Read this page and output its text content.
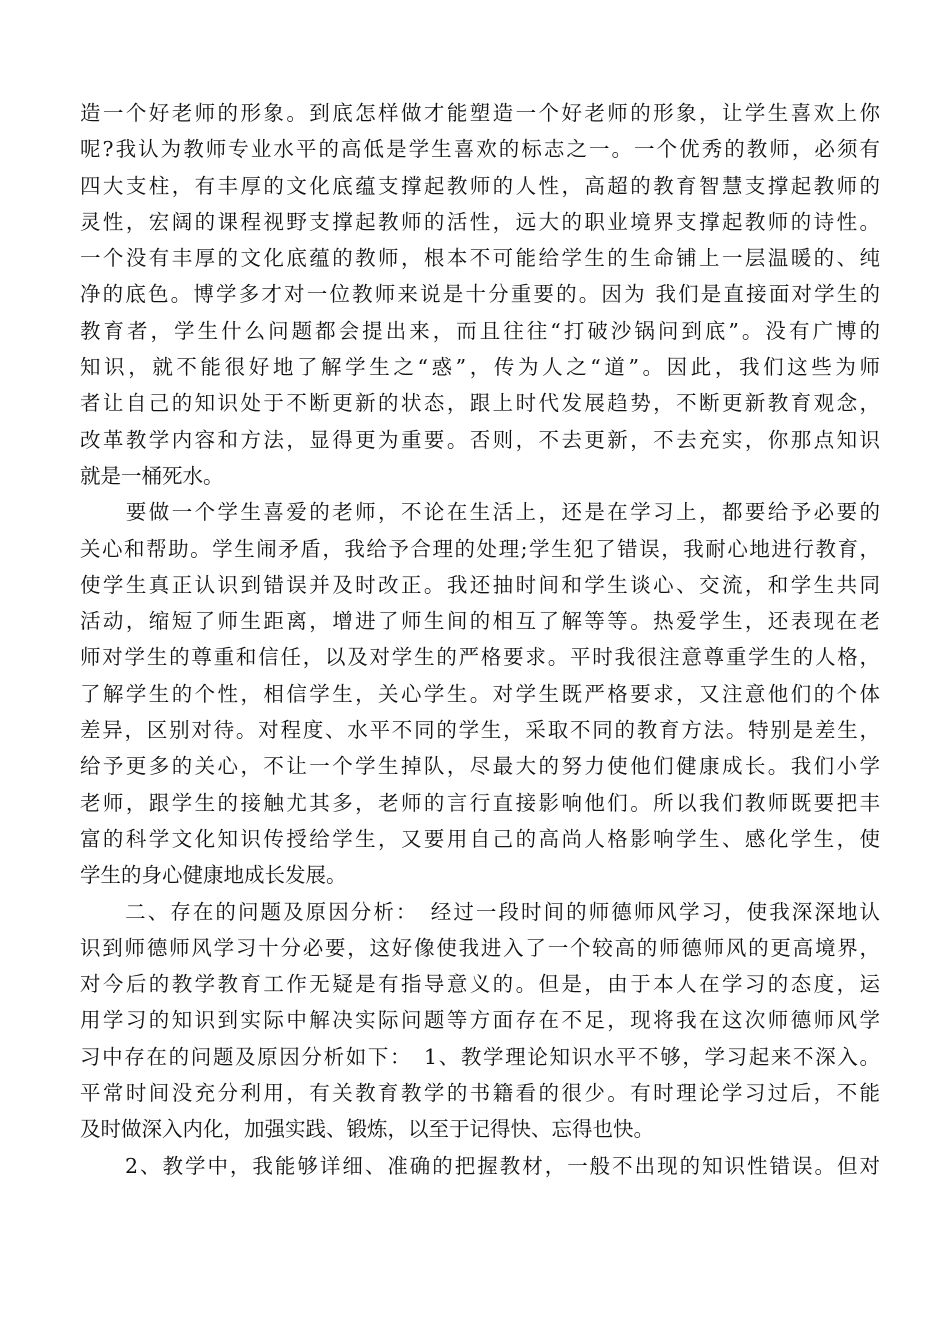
造一个好老师的形象。到底怎样做才能塑造一个好老师的形象，让学生喜欢上你
呢?我认为教师专业水平的高低是学生喜欢的标志之一。一个优秀的教师，必须有
四大支柱，有丰厚的文化底蕴支撑起教师的人性，高超的教育智慧支撑起教师的
灵性，宏阔的课程视野支撑起教师的活性，远大的职业境界支撑起教师的诗性。
一个没有丰厚的文化底蕴的教师，根本不可能给学生的生命铺上一层温暖的、纯
净的底色。博学多才对一位教师来说是十分重要的。因为 我们是直接面对学生的
教育者，学生什么问题都会提出来，而且往往“打破沙锅问到底”。没有广博的
知识，就不能很好地了解学生之“惑”，传为人之“道”。因此，我们这些为师
者让自己的知识处于不断更新的状态，跟上时代发展趋势，不断更新教育观念，
改革教学内容和方法，显得更为重要。否则，不去更新，不去充实，你那点知识
就是一桶死水。
　　要做一个学生喜爱的老师，不论在生活上，还是在学习上，都要给予必要的
关心和帮助。学生闹矛盾，我给予合理的处理;学生犯了错误，我耐心地进行教育，
使学生真正认识到错误并及时改正。我还抽时间和学生谈心、交流，和学生共同
活动，缩短了师生距离，增进了师生间的相互了解等等。热爱学生，还表现在老
师对学生的尊重和信任，以及对学生的严格要求。平时我很注意尊重学生的人格，
了解学生的个性，相信学生，关心学生。对学生既严格要求，又注意他们的个体
差异，区别对待。对程度、水平不同的学生，采取不同的教育方法。特别是差生，
给予更多的关心，不让一个学生掉队，尽最大的努力使他们健康成长。我们小学
老师，跟学生的接触尤其多，老师的言行直接影响他们。所以我们教师既要把丰
富的科学文化知识传授给学生，又要用自己的高尚人格影响学生、感化学生，使
学生的身心健康地成长发展。
　　二、存在的问题及原因分析：　经过一段时间的师德师风学习，使我深深地认
识到师德师风学习十分必要，这好像使我进入了一个较高的师德师风的更高境界，
对今后的教学教育工作无疑是有指导意义的。但是，由于本人在学习的态度，运
用学习的知识到实际中解决实际问题等方面存在不足，现将我在这次师德师风学
习中存在的问题及原因分析如下：　1、教学理论知识水平不够，学习起来不深入。
平常时间没充分利用，有关教育教学的书籍看的很少。有时理论学习过后，不能
及时做深入内化，加强实践、锻炼，以至于记得快、忘得也快。
　　2、教学中，我能够详细、准确的把握教材，一般不出现的知识性错误。但对
